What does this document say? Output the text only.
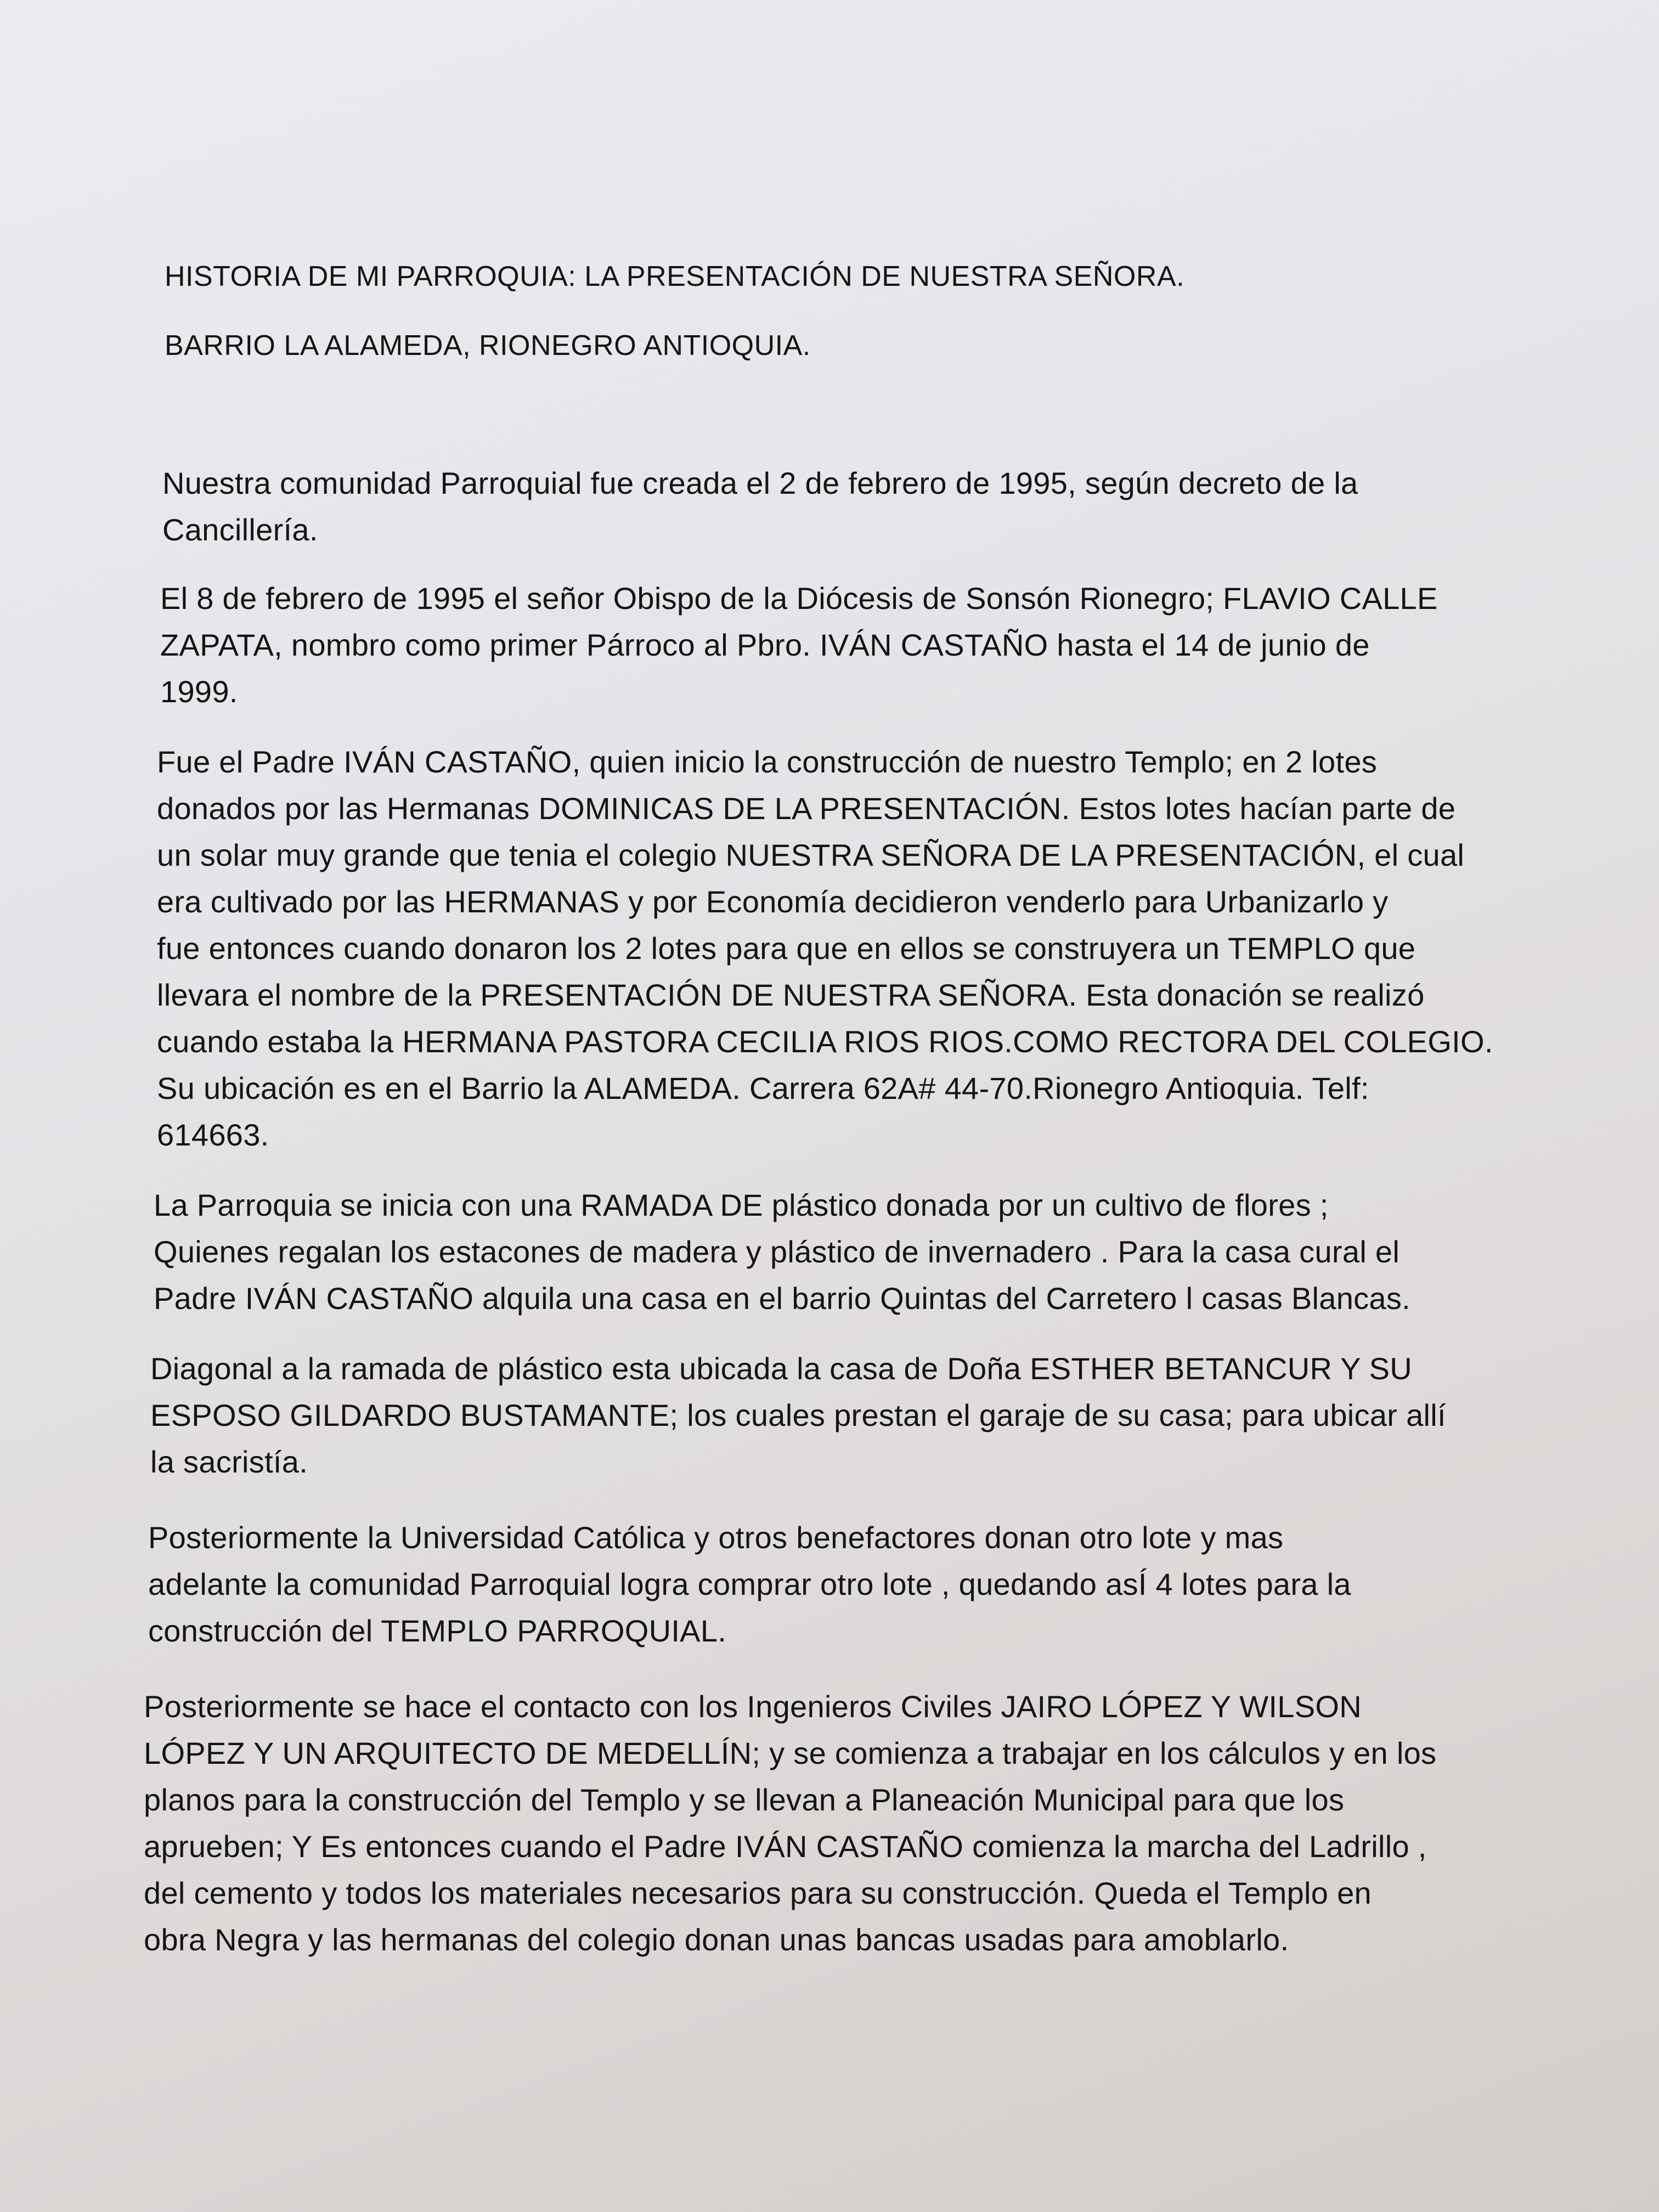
HISTORIA DE MI PARROQUIA: LA PRESENTACIÓN DE NUESTRA SEÑORA.
BARRIO LA ALAMEDA, RIONEGRO ANTIOQUIA.

Nuestra comunidad Parroquial fue creada el 2 de febrero de 1995, según decreto de la
Cancillería.

El 8 de febrero de 1995 el señor Obispo de la Diócesis de Sonsón Rionegro; FLAVIO CALLE
ZAPATA, nombro como primer Párroco al Pbro. IVÁN CASTAÑO hasta el 14 de junio de
1999.

Fue el Padre IVÁN CASTAÑO, quien inicio la construcción de nuestro Templo; en 2 lotes
donados por las Hermanas DOMINICAS DE LA PRESENTACIÓN. Estos lotes hacían parte de
un solar muy grande que tenia el colegio NUESTRA SEÑORA DE LA PRESENTACIÓN, el cual
era cultivado por las HERMANAS y por Economía decidieron venderlo para Urbanizarlo y
fue entonces cuando donaron los 2 lotes para que en ellos se construyera un TEMPLO que
llevara el nombre de la PRESENTACIÓN DE NUESTRA SEÑORA. Esta donación se realizó
cuando estaba la HERMANA PASTORA CECILIA RIOS RIOS.COMO RECTORA DEL COLEGIO.
Su ubicación es en el Barrio la ALAMEDA. Carrera 62A# 44-70.Rionegro Antioquia. Telf:
614663.

La Parroquia se inicia con una RAMADA DE plástico donada por un cultivo de flores ;
Quienes regalan los estacones de madera y plástico de invernadero . Para la casa cural el
Padre IVÁN CASTAÑO alquila una casa en el barrio Quintas del Carretero l casas Blancas.

Diagonal a la ramada de plástico esta ubicada la casa de Doña ESTHER BETANCUR Y SU
ESPOSO GILDARDO BUSTAMANTE; los cuales prestan el garaje de su casa; para ubicar allí
la sacristía.

Posteriormente la Universidad Católica y otros benefactores donan otro lote y mas
adelante la comunidad Parroquial logra comprar otro lote , quedando asÍ 4 lotes para la
construcción del TEMPLO PARROQUIAL.

Posteriormente se hace el contacto con los Ingenieros Civiles JAIRO LÓPEZ Y WILSON
LÓPEZ Y UN ARQUITECTO DE MEDELLÍN; y se comienza a trabajar en los cálculos y en los
planos para la construcción del Templo y se llevan a Planeación Municipal para que los
aprueben; Y Es entonces cuando el Padre IVÁN CASTAÑO comienza la marcha del Ladrillo ,
del cemento y todos los materiales necesarios para su construcción. Queda el Templo en
obra Negra y las hermanas del colegio donan unas bancas usadas para amoblarlo.
